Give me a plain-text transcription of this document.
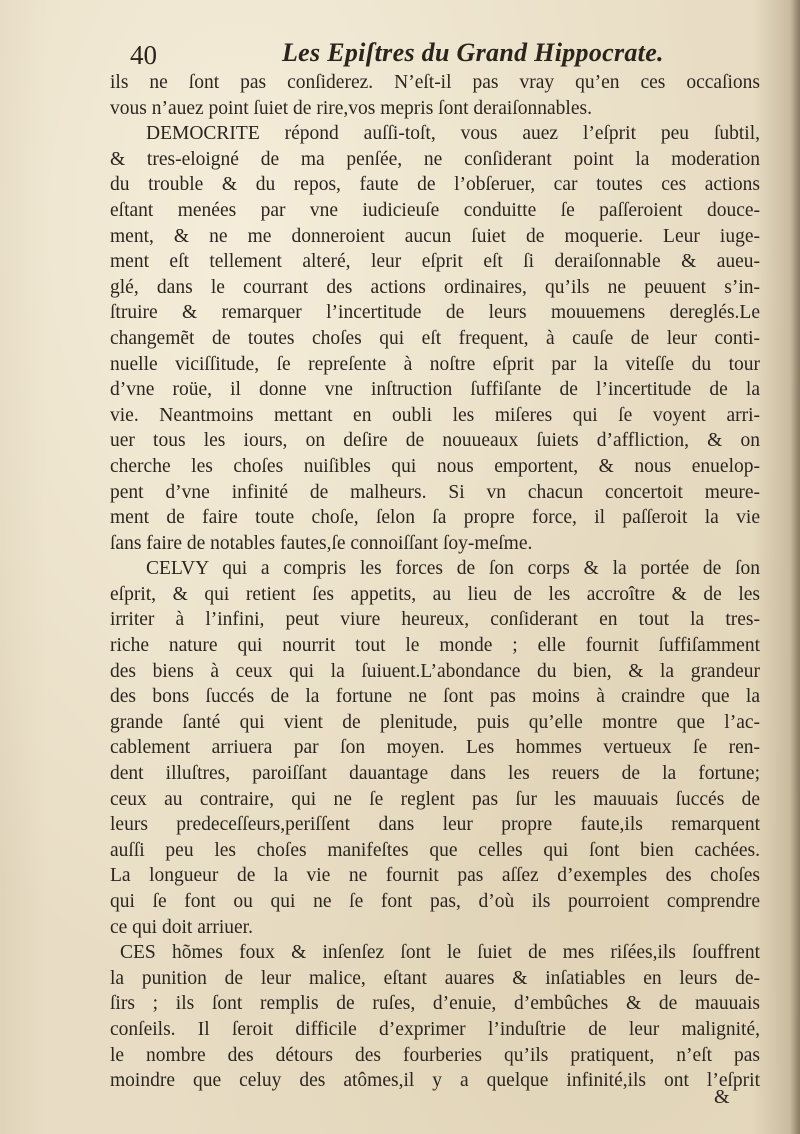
40	Les Epiſtres du Grand Hippocrate.
ils ne ſont pas conſiderez. N’eſt-il pas vray qu’en ces occaſions
vous n’auez point ſuiet de rire,vos mepris ſont deraiſonnables.
DEMOCRITE répond auſſi-toſt, vous auez l’eſprit peu ſubtil,
& tres-eloigné de ma penſée, ne conſiderant point la moderation
du trouble & du repos, faute de l’obſeruer, car toutes ces actions
eſtant menées par vne iudicieuſe conduitte ſe paſſeroient douce-
ment, & ne me donneroient aucun ſuiet de moquerie. Leur iuge-
ment eſt tellement alteré, leur eſprit eſt ſi deraiſonnable & aueu-
glé, dans le courrant des actions ordinaires, qu’ils ne peuuent s’in-
ſtruire & remarquer l’incertitude de leurs mouuemens dereglés.Le
changemẽt de toutes choſes qui eſt frequent, à cauſe de leur conti-
nuelle viciſſitude, ſe repreſente à noſtre eſprit par la viteſſe du tour
d’vne roüe, il donne vne inſtruction ſuffiſante de l’incertitude de la
vie. Neantmoins mettant en oubli les miſeres qui ſe voyent arri-
uer tous les iours, on deſire de nouueaux ſuiets d’affliction, & on
cherche les choſes nuiſibles qui nous emportent, & nous enuelop-
pent d’vne infinité de malheurs. Si vn chacun concertoit meure-
ment de faire toute choſe, ſelon ſa propre force, il paſſeroit la vie
ſans faire de notables fautes,ſe connoiſſant ſoy-meſme.
CELVY qui a compris les forces de ſon corps & la portée de ſon
eſprit, & qui retient ſes appetits, au lieu de les accroître & de les
irriter à l’infini, peut viure heureux, conſiderant en tout la tres-
riche nature qui nourrit tout le monde ; elle fournit ſuffiſamment
des biens à ceux qui la ſuiuent.L’abondance du bien, & la grandeur
des bons ſuccés de la fortune ne ſont pas moins à craindre que la
grande ſanté qui vient de plenitude, puis qu’elle montre que l’ac-
cablement arriuera par ſon moyen. Les hommes vertueux ſe ren-
dent illuſtres, paroiſſant dauantage dans les reuers de la fortune;
ceux au contraire, qui ne ſe reglent pas ſur les mauuais ſuccés de
leurs predeceſſeurs,periſſent dans leur propre faute,ils remarquent
auſſi peu les choſes manifeſtes que celles qui ſont bien cachées.
La longueur de la vie ne fournit pas aſſez d’exemples des choſes
qui ſe font ou qui ne ſe font pas, d’où ils pourroient comprendre
ce qui doit arriuer.
CES hõmes foux & inſenſez ſont le ſuiet de mes riſées,ils ſouffrent
la punition de leur malice, eſtant auares & inſatiables en leurs de-
ſirs ; ils ſont remplis de ruſes, d’enuie, d’embûches & de mauuais
conſeils. Il ſeroit difficile d’exprimer l’induſtrie de leur malignité,
le nombre des détours des fourberies qu’ils pratiquent, n’eſt pas
moindre que celuy des atômes,il y a quelque infinité,ils ont l’eſprit
&
